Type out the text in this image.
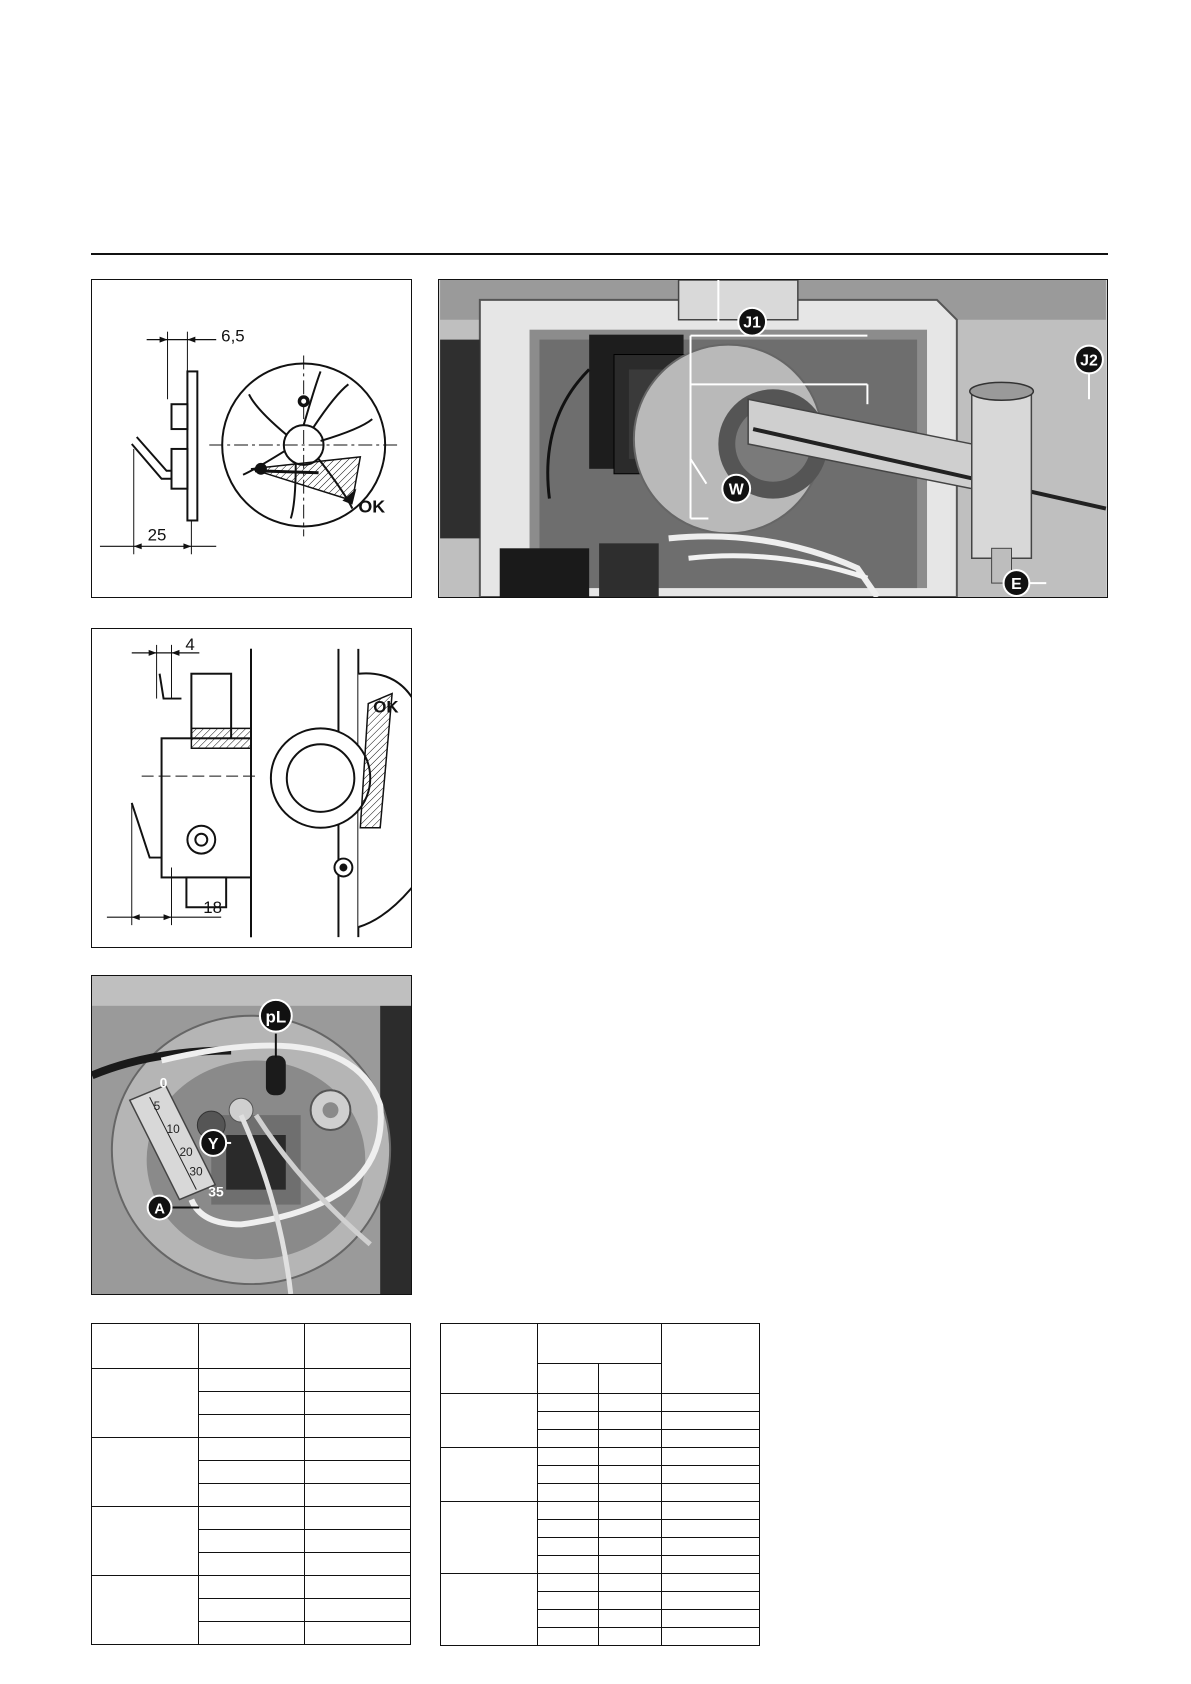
6,5
25
OK
J1
J2
W
E
4
18
OK
0
5
10
20
30
35
pL
Y
A
